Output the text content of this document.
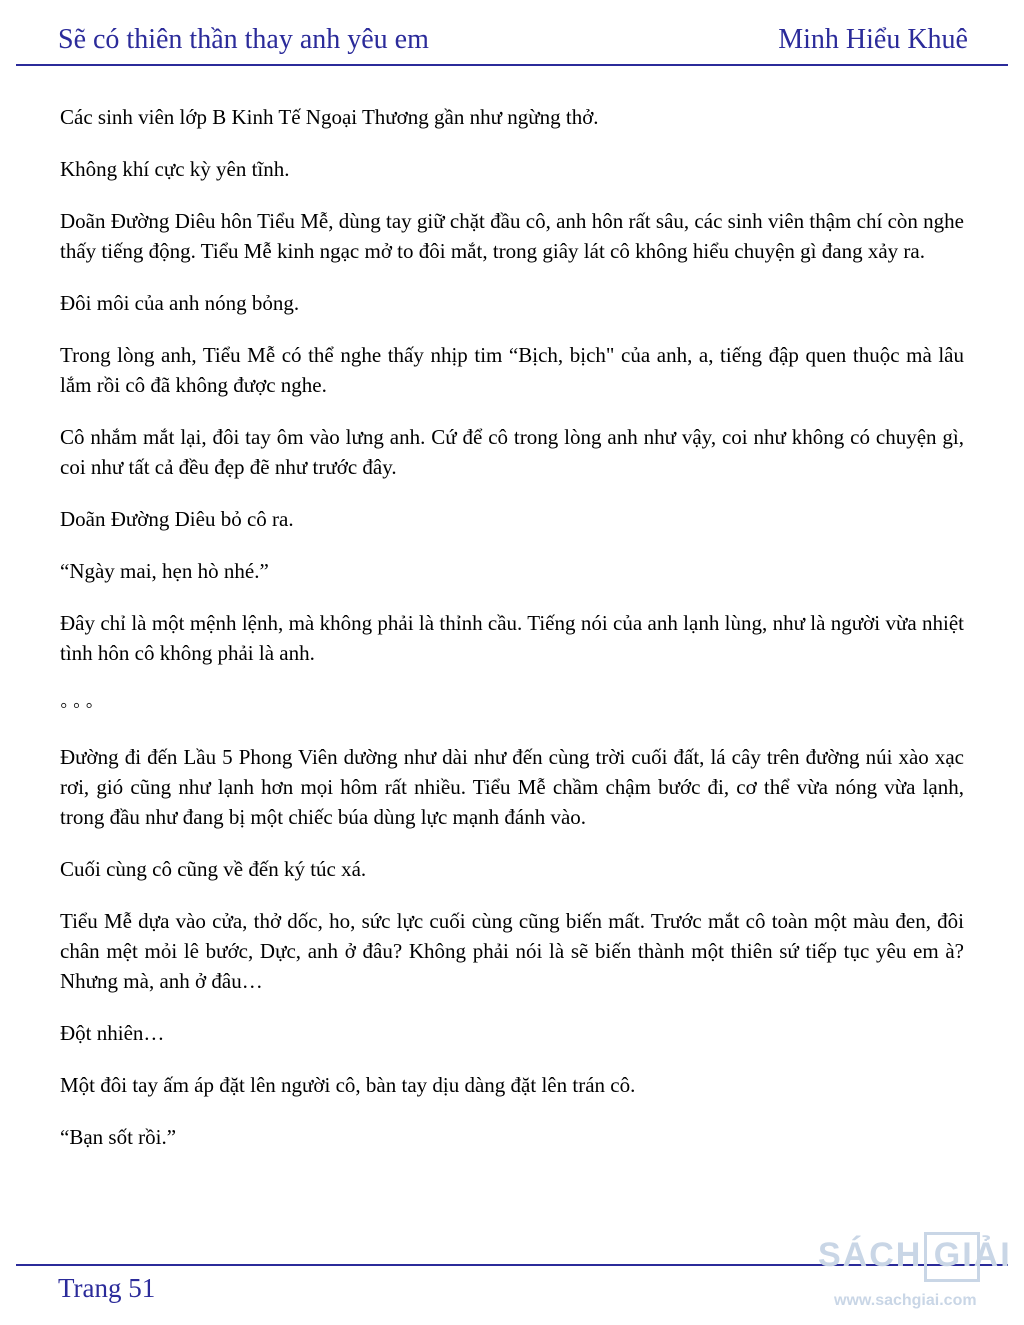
Sẽ có thiên thần thay anh yêu em	Minh Hiểu Khuê

Các sinh viên lớp B Kinh Tế Ngoại Thương gần như ngừng thở.

Không khí cực kỳ yên tĩnh.

Doãn Đường Diêu hôn Tiểu Mễ, dùng tay giữ chặt đầu cô, anh hôn rất sâu, các sinh viên thậm chí còn nghe thấy tiếng động. Tiểu Mễ kinh ngạc mở to đôi mắt, trong giây lát cô không hiểu chuyện gì đang xảy ra.

Đôi môi của anh nóng bỏng.

Trong lòng anh, Tiểu Mễ có thể nghe thấy nhịp tim “Bịch, bịch" của anh, a, tiếng đập quen thuộc mà lâu lắm rồi cô đã không được nghe.

Cô nhắm mắt lại, đôi tay ôm vào lưng anh. Cứ để cô trong lòng anh như vậy, coi như không có chuyện gì, coi như tất cả đều đẹp đẽ như trước đây.

Doãn Đường Diêu bỏ cô ra.

“Ngày mai, hẹn hò nhé.”

Đây chỉ là một mệnh lệnh, mà không phải là thỉnh cầu. Tiếng nói của anh lạnh lùng, như là người vừa nhiệt tình hôn cô không phải là anh.

◦ ◦ ◦

Đường đi đến Lầu 5 Phong Viên dường như dài như đến cùng trời cuối đất, lá cây trên đường núi xào xạc rơi, gió cũng như lạnh hơn mọi hôm rất nhiều. Tiểu Mễ chầm chậm bước đi, cơ thể vừa nóng vừa lạnh, trong đầu như đang bị một chiếc búa dùng lực mạnh đánh vào.

Cuối cùng cô cũng về đến ký túc xá.

Tiểu Mễ dựa vào cửa, thở dốc, ho, sức lực cuối cùng cũng biến mất. Trước mắt cô toàn một màu đen, đôi chân mệt mỏi lê bước, Dực, anh ở đâu? Không phải nói là sẽ biến thành một thiên sứ tiếp tục yêu em à? Nhưng mà, anh ở đâu…

Đột nhiên…

Một đôi tay ấm áp đặt lên người cô, bàn tay dịu dàng đặt lên trán cô.

“Bạn sốt rồi.”

Trang 51
SÁCH GIẢI
www.sachgiai.com
